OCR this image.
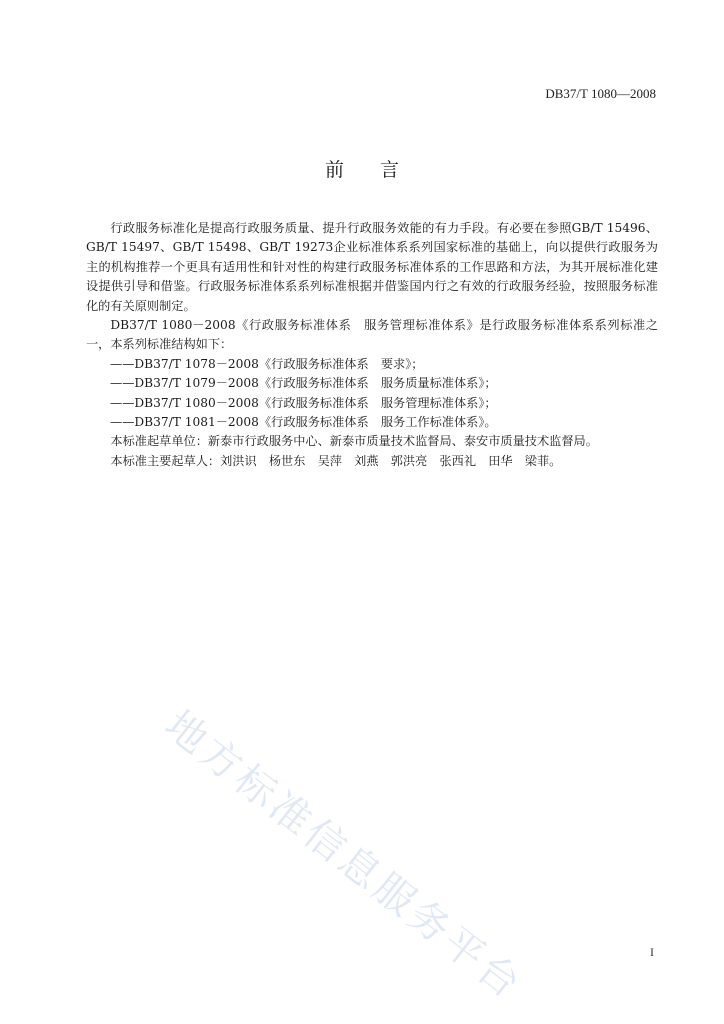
DB37/T 1080—2008
前言

行政服务标准化是提高行政服务质量、提升行政服务效能的有力手段。有必要在参照GB/T 15496、GB/T 15497、GB/T 15498、GB/T 19273企业标准体系系列国家标准的基础上，向以提供行政服务为主的机构推荐一个更具有适用性和针对性的构建行政服务标准体系的工作思路和方法，为其开展标准化建设提供引导和借鉴。行政服务标准体系系列标准根据并借鉴国内行之有效的行政服务经验，按照服务标准化的有关原则制定。

DB37/T 1080－2008《行政服务标准体系　服务管理标准体系》是行政服务标准体系系列标准之一，本系列标准结构如下：

——DB37/T 1078－2008《行政服务标准体系　要求》；
——DB37/T 1079－2008《行政服务标准体系　服务质量标准体系》；
——DB37/T 1080－2008《行政服务标准体系　服务管理标准体系》；
——DB37/T 1081－2008《行政服务标准体系　服务工作标准体系》。

本标准起草单位：新泰市行政服务中心、新泰市质量技术监督局、泰安市质量技术监督局。

本标准主要起草人：刘洪识　杨世东　吴萍　刘燕　郭洪亮　张西礼　田华　梁菲。

地方标准信息服务平台	I
